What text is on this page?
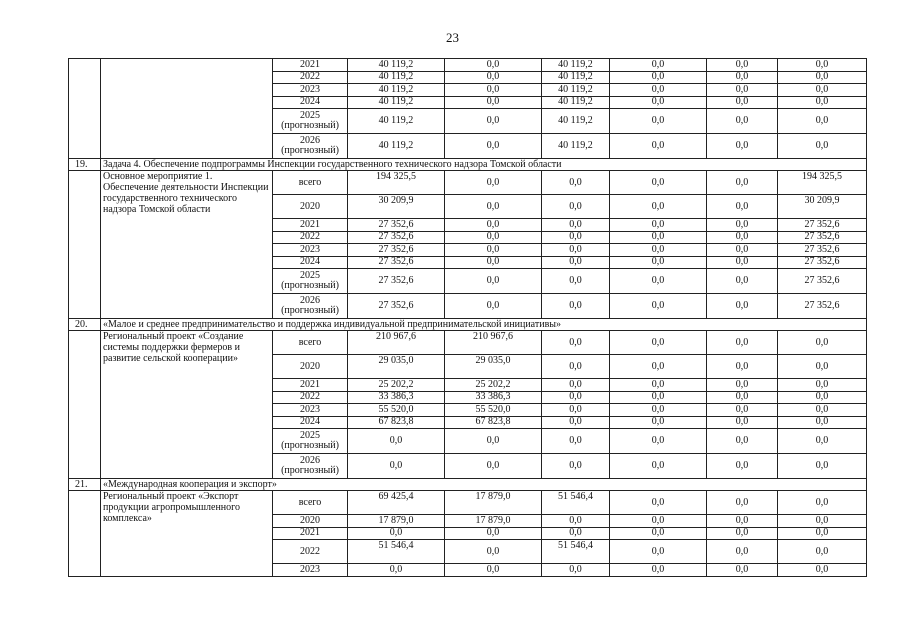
23

		2021	40 119,2	0,0	40 119,2	0,0	0,0	0,0

		2022	40 119,2	0,0	40 119,2	0,0	0,0	0,0

		2023	40 119,2	0,0	40 119,2	0,0	0,0	0,0

		2024	40 119,2	0,0	40 119,2	0,0	0,0	0,0

		2025
(прогнозный)	40 119,2	0,0	40 119,2	0,0	0,0	0,0

		2026
(прогнозный)	40 119,2	0,0	40 119,2	0,0	0,0	0,0
19.	Задача 4. Обеспечение подпрограммы Инспекции государственного технического надзора Томской области							
	Основное мероприятие 1. Обеспечение деятельности Инспекции государственного технического надзора Томской области	всего	194 325,5	0,0	0,0	0,0	0,0	194 325,5

		2020	30 209,9	0,0	0,0	0,0	0,0	30 209,9

		2021	27 352,6	0,0	0,0	0,0	0,0	27 352,6

		2022	27 352,6	0,0	0,0	0,0	0,0	27 352,6

		2023	27 352,6	0,0	0,0	0,0	0,0	27 352,6

		2024	27 352,6	0,0	0,0	0,0	0,0	27 352,6

		2025
(прогнозный)	27 352,6	0,0	0,0	0,0	0,0	27 352,6

		2026
(прогнозный)	27 352,6	0,0	0,0	0,0	0,0	27 352,6
20.	«Малое и среднее предпринимательство и поддержка индивидуальной предпринимательской инициативы»							
	Региональный проект «Создание системы поддержки фермеров и развитие сельской кооперации»	всего	210 967,6	210 967,6	0,0	0,0	0,0	0,0

		2020	29 035,0	29 035,0	0,0	0,0	0,0	0,0

		2021	25 202,2	25 202,2	0,0	0,0	0,0	0,0

		2022	33 386,3	33 386,3	0,0	0,0	0,0	0,0

		2023	55 520,0	55 520,0	0,0	0,0	0,0	0,0

		2024	67 823,8	67 823,8	0,0	0,0	0,0	0,0

		2025
(прогнозный)	0,0	0,0	0,0	0,0	0,0	0,0

		2026
(прогнозный)	0,0	0,0	0,0	0,0	0,0	0,0
21.	«Международная кооперация и экспорт»							
	Региональный проект «Экспорт продукции агропромышленного комплекса»	всего	69 425,4	17 879,0	51 546,4	0,0	0,0	0,0

		2020	17 879,0	17 879,0	0,0	0,0	0,0	0,0

		2021	0,0	0,0	0,0	0,0	0,0	0,0

		2022	51 546,4	0,0	51 546,4	0,0	0,0	0,0

		2023	0,0	0,0	0,0	0,0	0,0	0,0
